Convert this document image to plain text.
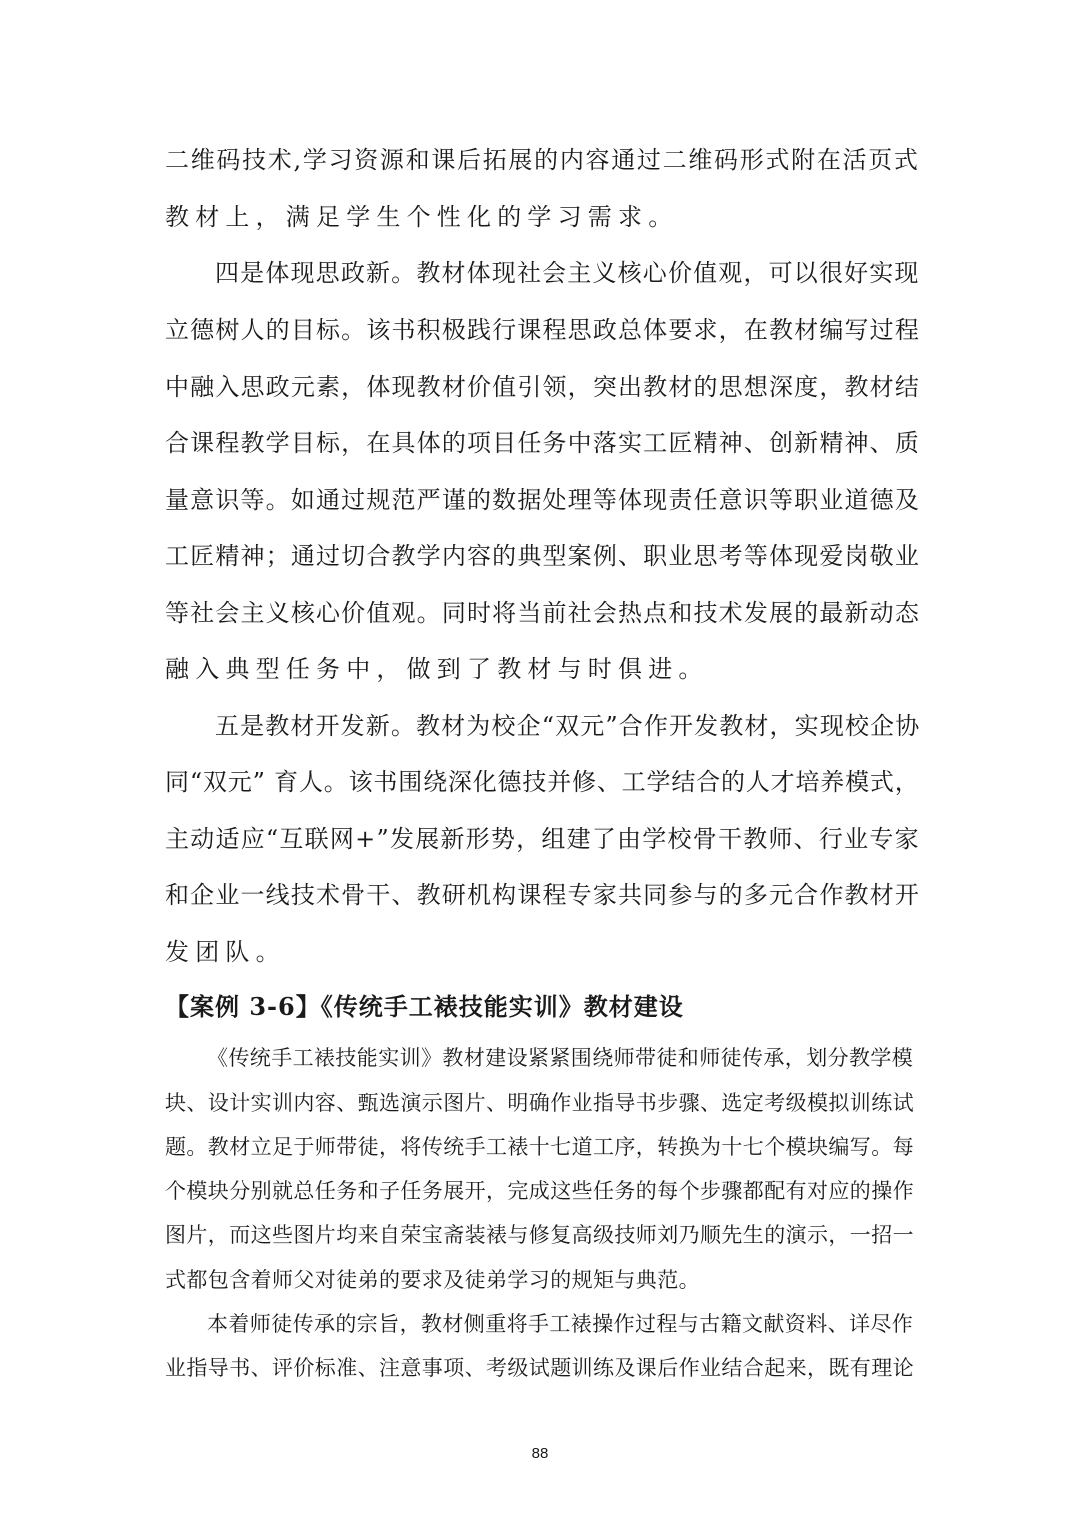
二维码技术,学习资源和课后拓展的内容通过二维码形式附在活页式
教材上，满足学生个性化的学习需求。
四是体现思政新。教材体现社会主义核心价值观，可以很好实现
立德树人的目标。该书积极践行课程思政总体要求，在教材编写过程
中融入思政元素，体现教材价值引领，突出教材的思想深度，教材结
合课程教学目标，在具体的项目任务中落实工匠精神、创新精神、质
量意识等。如通过规范严谨的数据处理等体现责任意识等职业道德及
工匠精神；通过切合教学内容的典型案例、职业思考等体现爱岗敬业
等社会主义核心价值观。同时将当前社会热点和技术发展的最新动态
融入典型任务中，做到了教材与时俱进。
五是教材开发新。教材为校企“双元”合作开发教材，实现校企协
同“双元” 育人。该书围绕深化德技并修、工学结合的人才培养模式，
主动适应“互联网+”发展新形势，组建了由学校骨干教师、行业专家
和企业一线技术骨干、教研机构课程专家共同参与的多元合作教材开
发团队。
【案例 3-6】《传统手工裱技能实训》教材建设
《传统手工裱技能实训》教材建设紧紧围绕师带徒和师徒传承，划分教学模
块、设计实训内容、甄选演示图片、明确作业指导书步骤、选定考级模拟训练试
题。教材立足于师带徒，将传统手工裱十七道工序，转换为十七个模块编写。每
个模块分别就总任务和子任务展开，完成这些任务的每个步骤都配有对应的操作
图片，而这些图片均来自荣宝斋装裱与修复高级技师刘乃顺先生的演示，一招一
式都包含着师父对徒弟的要求及徒弟学习的规矩与典范。
本着师徒传承的宗旨，教材侧重将手工裱操作过程与古籍文献资料、详尽作
业指导书、评价标准、注意事项、考级试题训练及课后作业结合起来，既有理论
88
